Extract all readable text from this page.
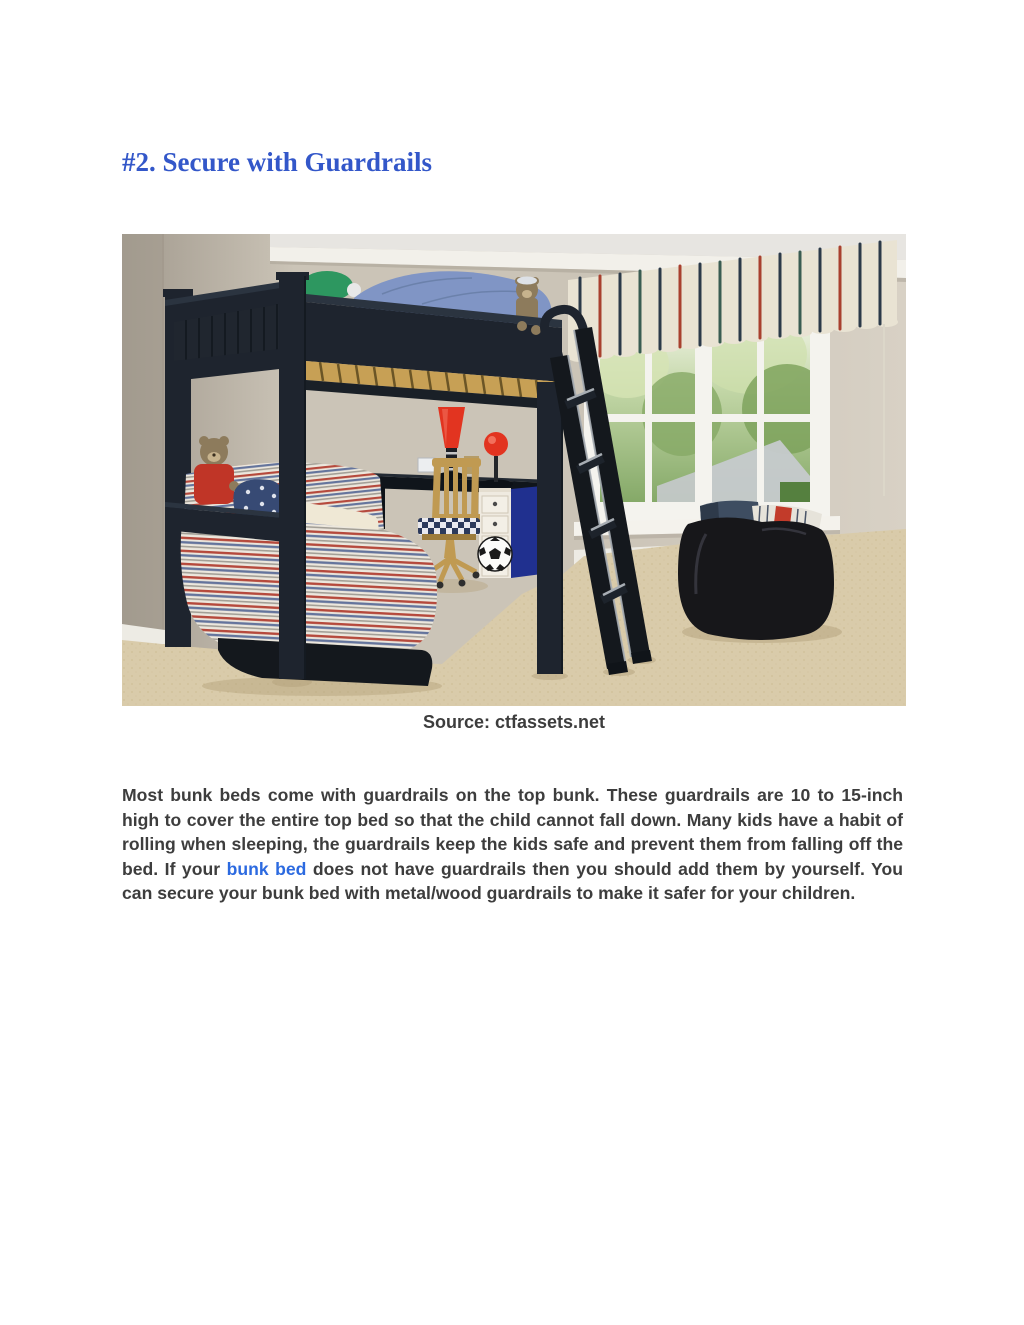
#2. Secure with Guardrails

Source: ctfassets.net

Most bunk beds come with guardrails on the top bunk. These guardrails are 10 to 15-inch high to cover the entire top bed so that the child cannot fall down. Many kids have a habit of rolling when sleeping, the guardrails keep the kids safe and prevent them from falling off the bed. If your bunk bed does not have guardrails then you should add them by yourself. You can secure your bunk bed with metal/wood guardrails to make it safer for your children.
